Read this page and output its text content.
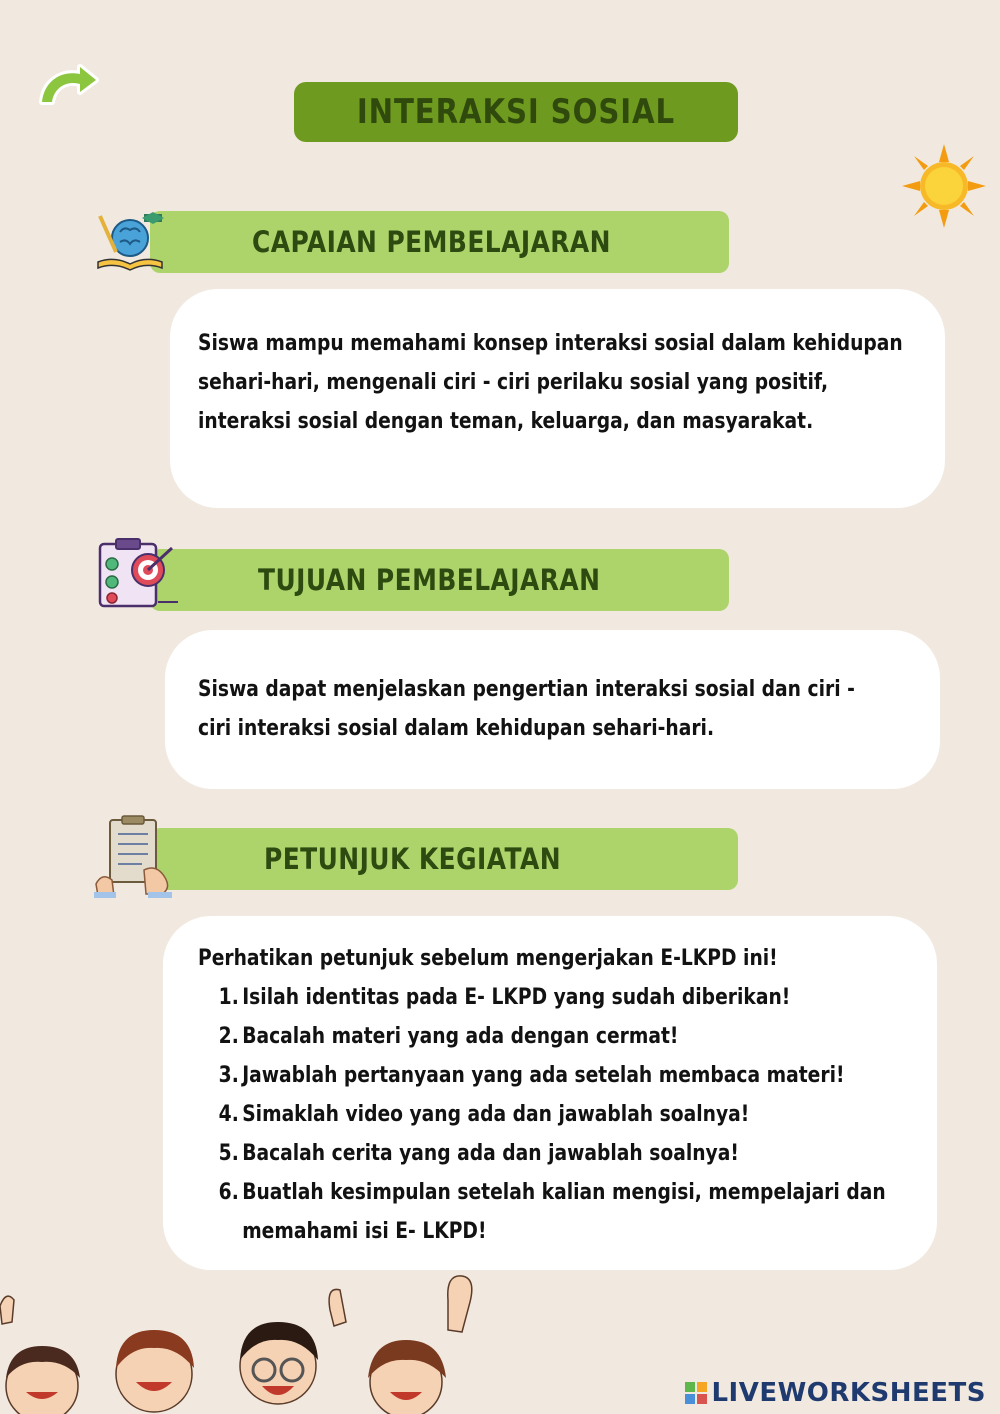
INTERAKSI SOSIAL
CAPAIAN PEMBELAJARAN
Siswa mampu memahami konsep interaksi sosial dalam kehidupan
sehari-hari, mengenali ciri - ciri perilaku sosial yang positif,
interaksi sosial dengan teman, keluarga, dan masyarakat.
TUJUAN PEMBELAJARAN
Siswa dapat menjelaskan pengertian interaksi sosial dan ciri -
ciri interaksi sosial dalam kehidupan sehari-hari.
PETUNJUK KEGIATAN
Perhatikan petunjuk sebelum mengerjakan E-LKPD ini!
1. Isilah identitas pada E- LKPD yang sudah diberikan!
2. Bacalah materi yang ada dengan cermat!
3. Jawablah pertanyaan yang ada setelah membaca materi!
4. Simaklah video yang ada dan jawablah soalnya!
5. Bacalah cerita yang ada dan jawablah soalnya!
6. Buatlah kesimpulan setelah kalian mengisi, mempelajari dan
memahami isi E- LKPD!
LIVEWORKSHEETS
